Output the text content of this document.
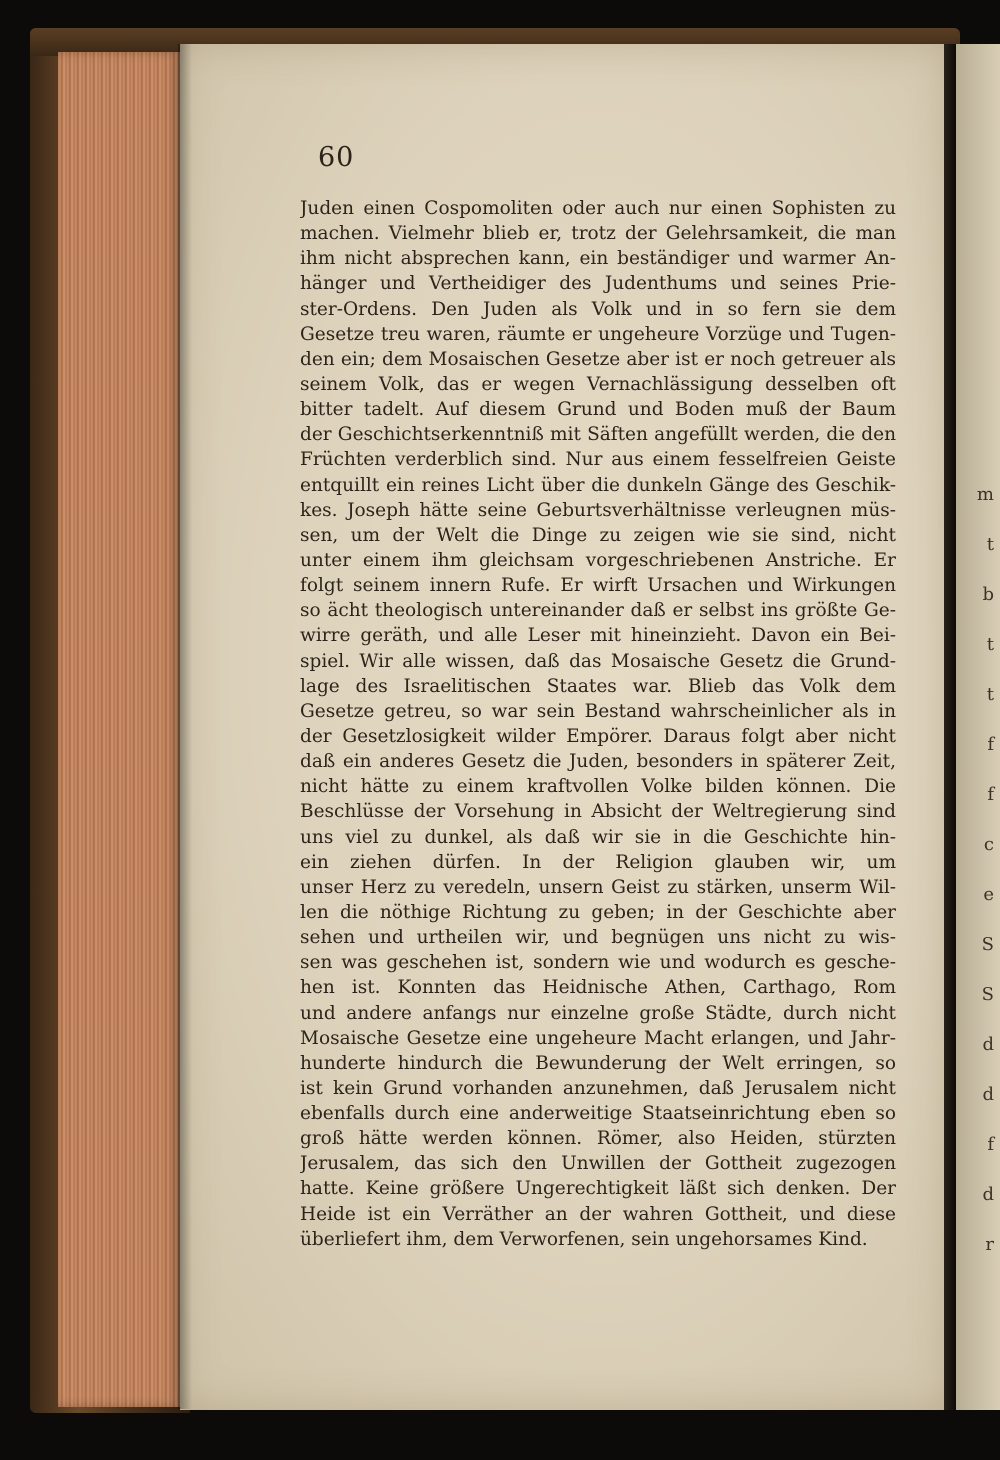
m
t
b
t
t
f
f
c
e
S
S
d
d
f
d
r
60
Juden einen Cospomoliten oder auch nur einen Sophisten zu
machen. Vielmehr blieb er, trotz der Gelehrsamkeit, die man
ihm nicht absprechen kann, ein beständiger und warmer An-
hänger und Vertheidiger des Judenthums und seines Prie-
ster-Ordens. Den Juden als Volk und in so fern sie dem
Gesetze treu waren, räumte er ungeheure Vorzüge und Tugen-
den ein; dem Mosaischen Gesetze aber ist er noch getreuer als
seinem Volk, das er wegen Vernachlässigung desselben oft
bitter tadelt. Auf diesem Grund und Boden muß der Baum
der Geschichtserkenntniß mit Säften angefüllt werden, die den
Früchten verderblich sind. Nur aus einem fesselfreien Geiste
entquillt ein reines Licht über die dunkeln Gänge des Geschik-
kes. Joseph hätte seine Geburtsverhältnisse verleugnen müs-
sen, um der Welt die Dinge zu zeigen wie sie sind, nicht
unter einem ihm gleichsam vorgeschriebenen Anstriche. Er
folgt seinem innern Rufe. Er wirft Ursachen und Wirkungen
so ächt theologisch untereinander daß er selbst ins größte Ge-
wirre geräth, und alle Leser mit hineinzieht. Davon ein Bei-
spiel. Wir alle wissen, daß das Mosaische Gesetz die Grund-
lage des Israelitischen Staates war. Blieb das Volk dem
Gesetze getreu, so war sein Bestand wahrscheinlicher als in
der Gesetzlosigkeit wilder Empörer. Daraus folgt aber nicht
daß ein anderes Gesetz die Juden, besonders in späterer Zeit,
nicht hätte zu einem kraftvollen Volke bilden können. Die
Beschlüsse der Vorsehung in Absicht der Weltregierung sind
uns viel zu dunkel, als daß wir sie in die Geschichte hin-
ein ziehen dürfen. In der Religion glauben wir, um
unser Herz zu veredeln, unsern Geist zu stärken, unserm Wil-
len die nöthige Richtung zu geben; in der Geschichte aber
sehen und urtheilen wir, und begnügen uns nicht zu wis-
sen was geschehen ist, sondern wie und wodurch es gesche-
hen ist. Konnten das Heidnische Athen, Carthago, Rom
und andere anfangs nur einzelne große Städte, durch nicht
Mosaische Gesetze eine ungeheure Macht erlangen, und Jahr-
hunderte hindurch die Bewunderung der Welt erringen, so
ist kein Grund vorhanden anzunehmen, daß Jerusalem nicht
ebenfalls durch eine anderweitige Staatseinrichtung eben so
groß hätte werden können. Römer, also Heiden, stürzten
Jerusalem, das sich den Unwillen der Gottheit zugezogen
hatte. Keine größere Ungerechtigkeit läßt sich denken. Der
Heide ist ein Verräther an der wahren Gottheit, und diese
überliefert ihm, dem Verworfenen, sein ungehorsames Kind.
